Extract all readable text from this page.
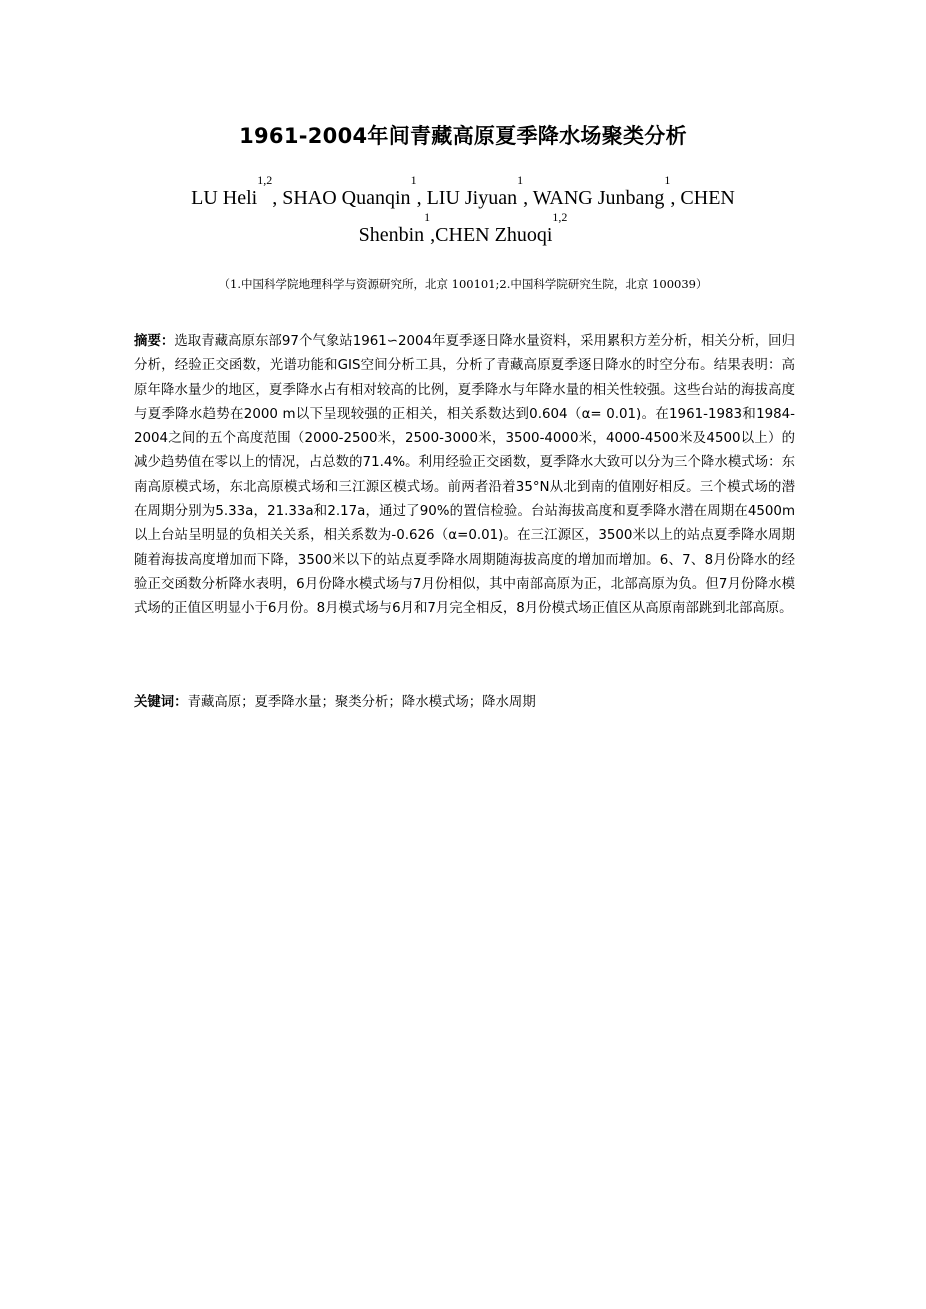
1961-2004年间青藏高原夏季降水场聚类分析
LU Heli$^{1,2}$, SHAO Quanqin$^1$, LIU Jiyuan$^1$, WANG Junbang$^1$, CHEN
Shenbin$^1$,CHEN Zhuoqi$^{1,2}$
（1.中国科学院地理科学与资源研究所，北京 100101;2.中国科学院研究生院，北京 100039）
摘要：选取青藏高原东部97个气象站1961∽2004年夏季逐日降水量资料，采用累积方差分析，相关分析，回归分析，经验正交函数，光谱功能和GIS空间分析工具，分析了青藏高原夏季逐日降水的时空分布。结果表明：高原年降水量少的地区，夏季降水占有相对较高的比例，夏季降水与年降水量的相关性较强。这些台站的海拔高度与夏季降水趋势在2000 m以下呈现较强的正相关，相关系数达到0.604（α= 0.01)。在1961-1983和1984-2004之间的五个高度范围（2000-2500米，2500-3000米，3500-4000米，4000-4500米及4500以上）的减少趋势值在零以上的情况，占总数的71.4%。利用经验正交函数，夏季降水大致可以分为三个降水模式场：东南高原模式场，东北高原模式场和三江源区模式场。前两者沿着35°N从北到南的值刚好相反。三个模式场的潜在周期分别为5.33a，21.33a和2.17a，通过了90%的置信检验。台站海拔高度和夏季降水潜在周期在4500m以上台站呈明显的负相关关系，相关系数为-0.626（α=0.01)。在三江源区，3500米以上的站点夏季降水周期随着海拔高度增加而下降，3500米以下的站点夏季降水周期随海拔高度的增加而增加。6、7、8月份降水的经验正交函数分析降水表明，6月份降水模式场与7月份相似，其中南部高原为正，北部高原为负。但7月份降水模式场的正值区明显小于6月份。8月模式场与6月和7月完全相反，8月份模式场正值区从高原南部跳到北部高原。
关键词：青藏高原；夏季降水量；聚类分析；降水模式场；降水周期
